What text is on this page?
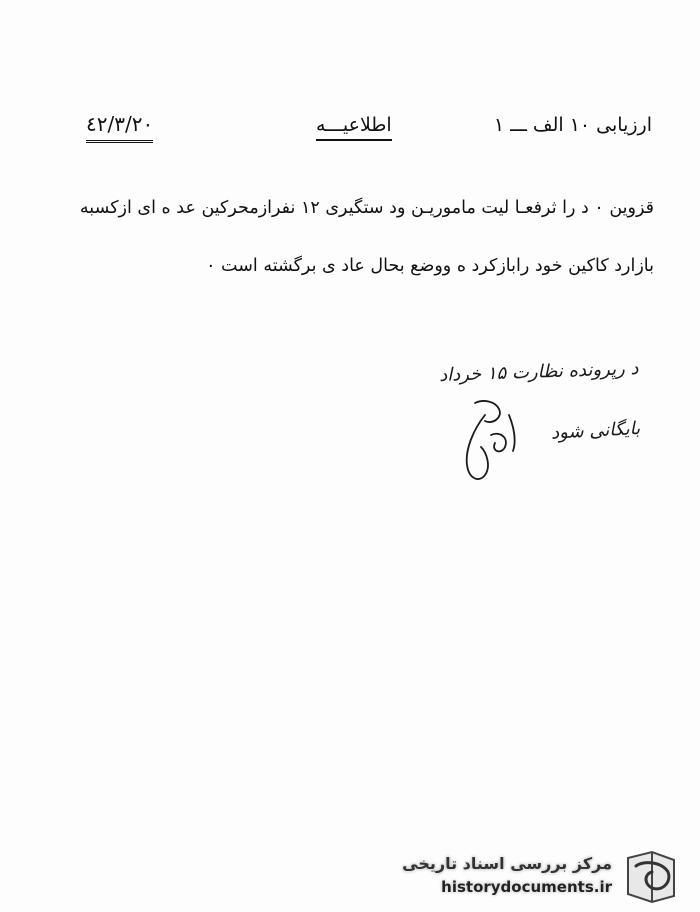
ارزیابی ۱۰ الف ـــ ۱
اطلاعیـــه
٤٢/٣/٢٠
قزوین ۰ د را ثرفعـا لیت ماموریـن ود ستگیری ۱۲ نفرازمحرکین عد ه ای ازکسبه
بازارد کاکین خود رابازکرد ه ووضع بحال عاد ی برگشته است ۰
د رپرونده نظارت ۱۵ خرداد
بایگانی شود
مرکز بررسی اسناد تاریخی
historydocuments.ir
